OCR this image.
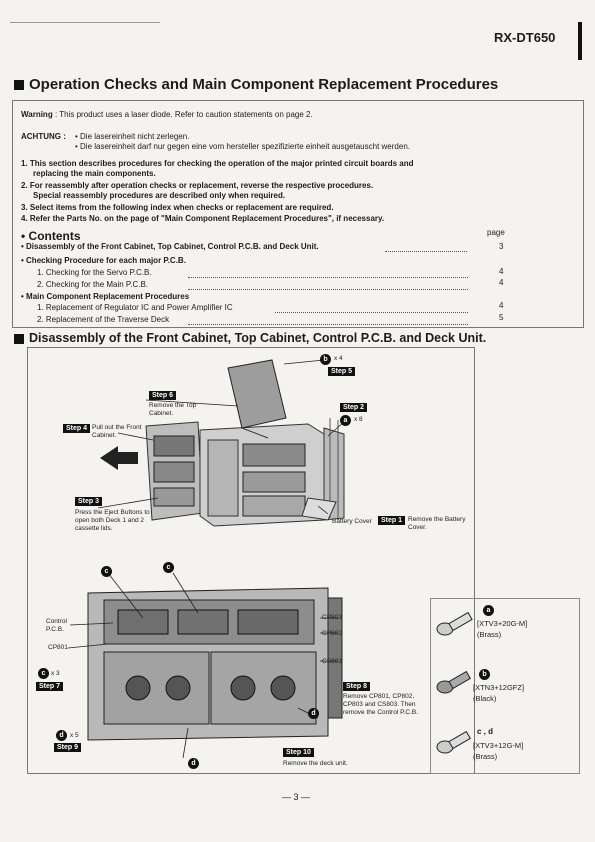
RX-DT650
Operation Checks and Main Component Replacement Procedures
Warning : This product uses a laser diode. Refer to caution statements on page 2.
ACHTUNG : • Die lasereinheit nicht zerlegen.
• Die lasereinheit darf nur gegen eine vom hersteller spezifizierte einheit ausgetauscht werden.
1. This section describes procedures for checking the operation of the major printed circuit boards and
replacing the main components.
2. For reassembly after operation checks or replacement, reverse the respective procedures.
Special reassembly procedures are described only when required.
3. Select items from the following index when checks or replacement are required.
4. Refer the Parts No. on the page of "Main Component Replacement Procedures", if necessary.
• Contents	page
• Disassembly of the Front Cabinet, Top Cabinet, Control P.C.B. and Deck Unit.	3
• Checking Procedure for each major P.C.B.
1. Checking for the Servo P.C.B.	4
2. Checking for the Main P.C.B.	4
• Main Component Replacement Procedures
1. Replacement of Regulator IC and Power Amplifier IC	4
2. Replacement of the Traverse Deck	5
Disassembly of the Front Cabinet, Top Cabinet, Control P.C.B. and Deck Unit.
b x 4
Step 5
Step 6
Remove the Top Cabinet.
Step 2
a	x 8
Step 4 Pull out the Front Cabinet.
Step 3
Press the Eject Buttons to open both Deck 1 and 2 cassette lids.
Battery Cover	Step 1 Remove the Battery Cover.
c
c
Control P.C.B.
CP801
CP803
CP802
CS803
c x 3
Step 7	Step 8
Remove CP801, CP802, CP803 and CS803. Then remove the Control P.C.B.
d
d x 5
Step 9
Step 10
Remove the deck unit.
d
a
[XTV3+20G-M]
(Brass)
b
[XTN3+12GFZ]
(Black)
c , d
[XTV3+12G-M]
(Brass)
— 3 —
